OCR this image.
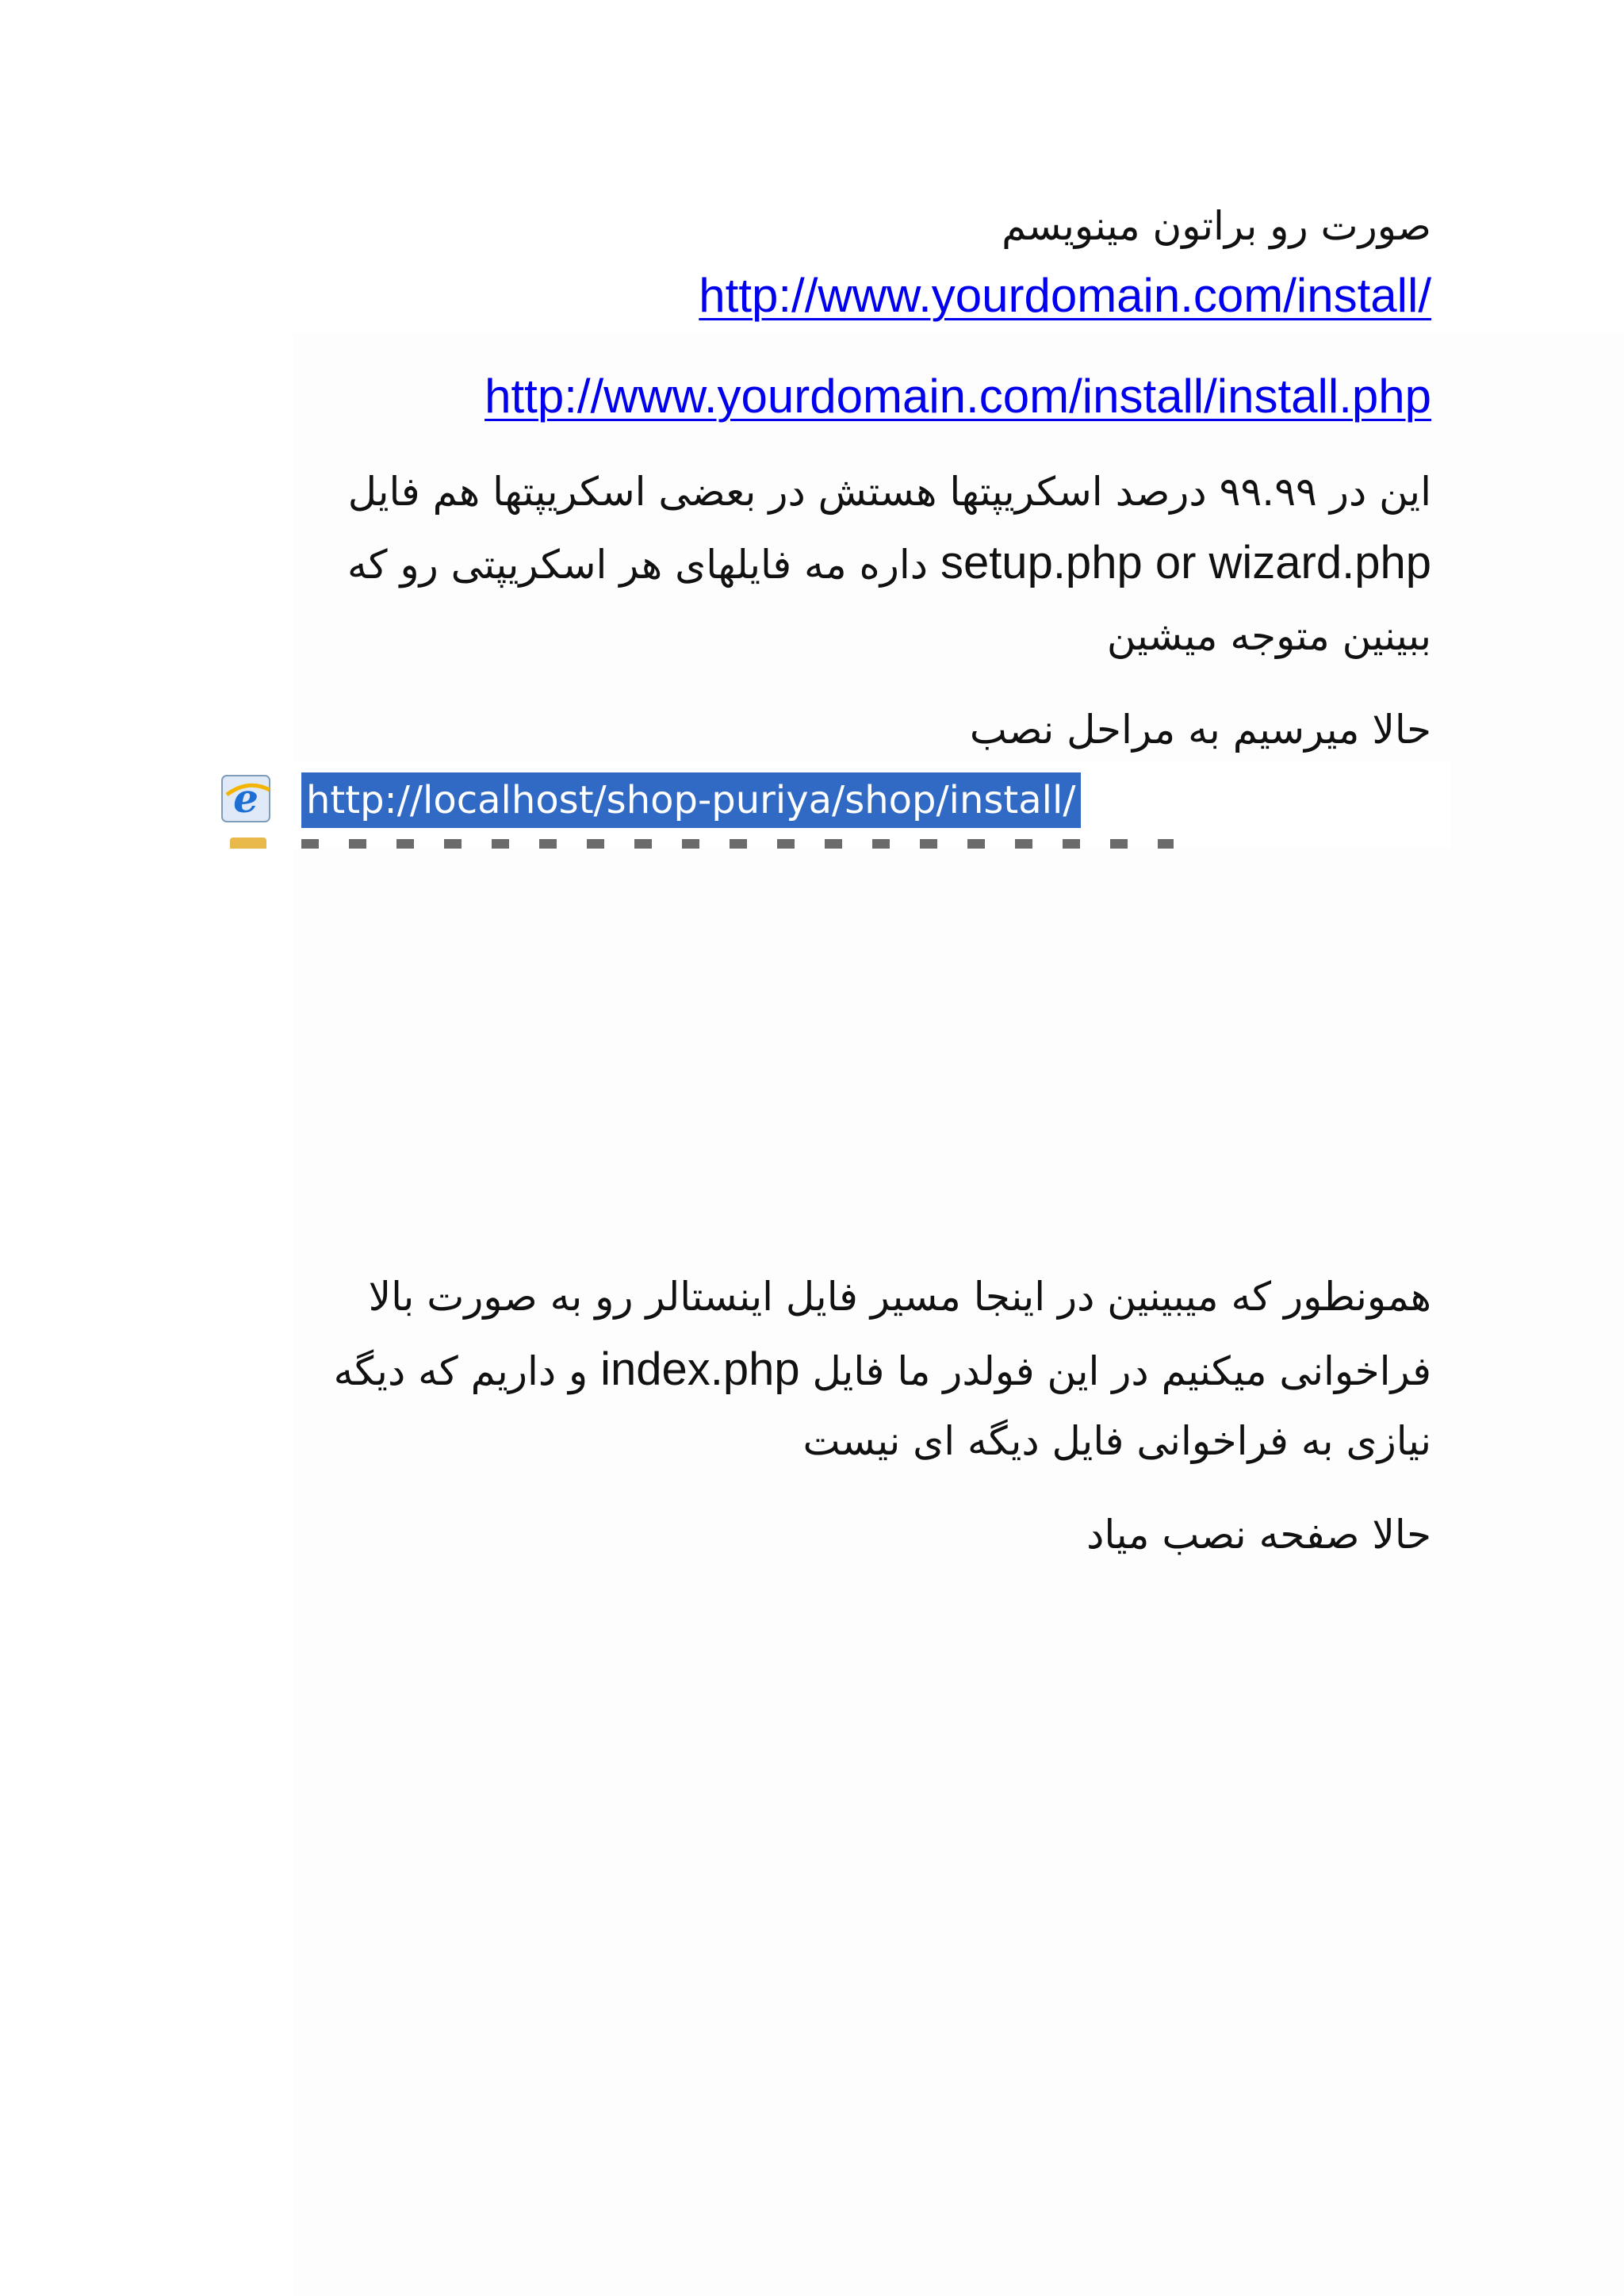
صورت رو براتون مینویسم
http://www.yourdomain.com/install/
http://www.yourdomain.com/install/install.php
این در ۹۹.۹۹ درصد اسکریپتها هستش در بعضی اسکریپتها هم فایل
setup.php or wizard.php داره مه فایلهای هر اسکریپتی رو که
ببینین متوجه میشین
حالا میرسیم به مراحل نصب
همونطور که میبینین در اینجا مسیر فایل اینستالر رو به صورت بالا
فراخوانی میکنیم در این فولدر ما فایل index.php و داریم که دیگه
نیازی به فراخوانی فایل دیگه ای نیست
حالا صفحه نصب میاد
e http://localhost/shop-puriya/shop/install/
